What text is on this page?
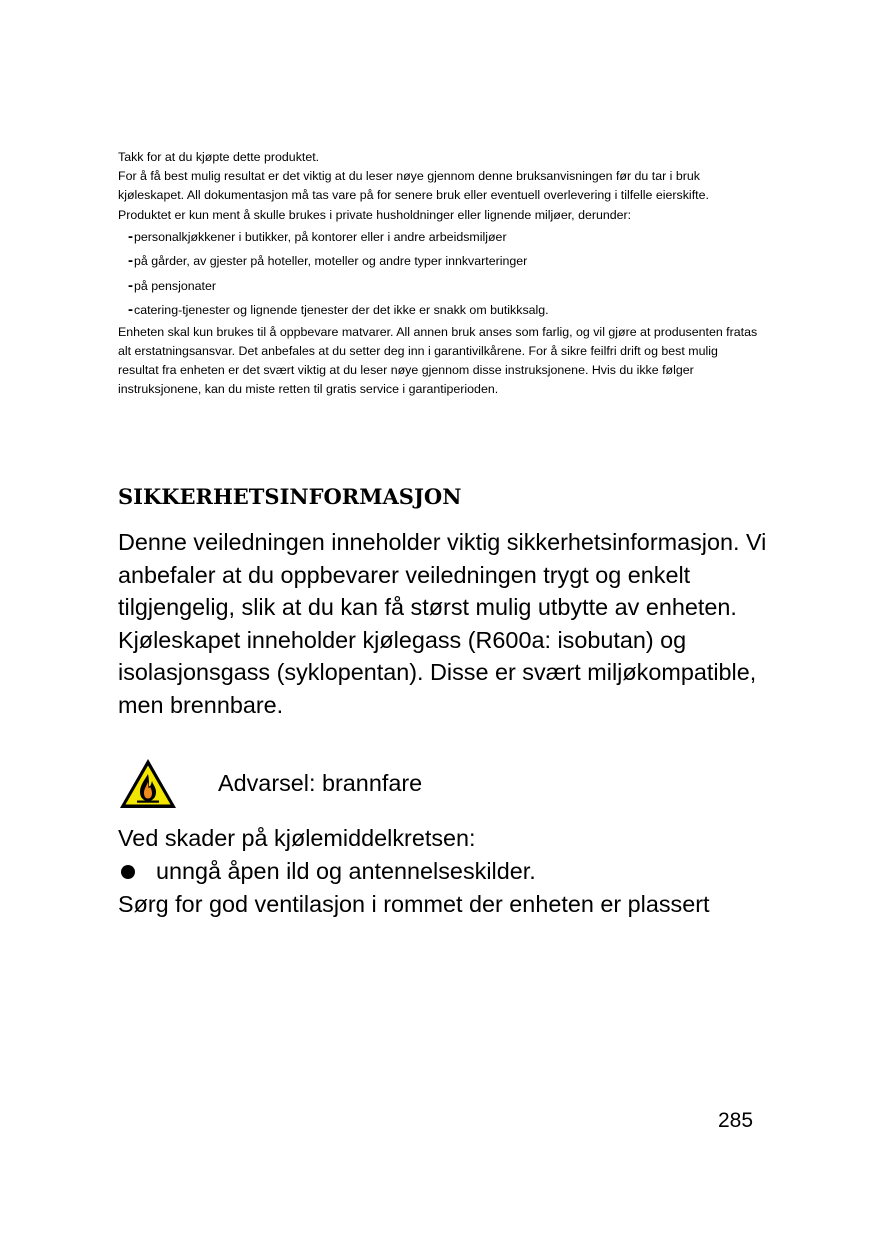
Takk for at du kjøpte dette produktet.

For å få best mulig resultat er det viktig at du leser nøye gjennom denne bruksanvisningen før du tar i bruk kjøleskapet. All dokumentasjon må tas vare på for senere bruk eller eventuell overlevering i tilfelle eierskifte. Produktet er kun ment å skulle brukes i private husholdninger eller lignende miljøer, derunder:

-personalkjøkkener i butikker, på kontorer eller i andre arbeidsmiljøer
-på gårder, av gjester på hoteller, moteller og andre typer innkvarteringer
-på pensjonater
-catering-tjenester og lignende tjenester der det ikke er snakk om butikksalg.

Enheten skal kun brukes til å oppbevare matvarer. All annen bruk anses som farlig, og vil gjøre at produsenten fratas alt erstatningsansvar. Det anbefales at du setter deg inn i garantivilkårene. For å sikre feilfri drift og best mulig resultat fra enheten er det svært viktig at du leser nøye gjennom disse instruksjonene. Hvis du ikke følger instruksjonene, kan du miste retten til gratis service i garantiperioden.

SIKKERHETSINFORMASJON

Denne veiledningen inneholder viktig sikkerhetsinformasjon. Vi anbefaler at du oppbevarer veiledningen trygt og enkelt tilgjengelig, slik at du kan få størst mulig utbytte av enheten.

Kjøleskapet inneholder kjølegass (R600a: isobutan) og isolasjonsgass (syklopentan). Disse er svært miljøkompatible, men brennbare.

Advarsel: brannfare

Ved skader på kjølemiddelkretsen:

unngå åpen ild og antennelseskilder.

Sørg for god ventilasjon i rommet der enheten er plassert

285
